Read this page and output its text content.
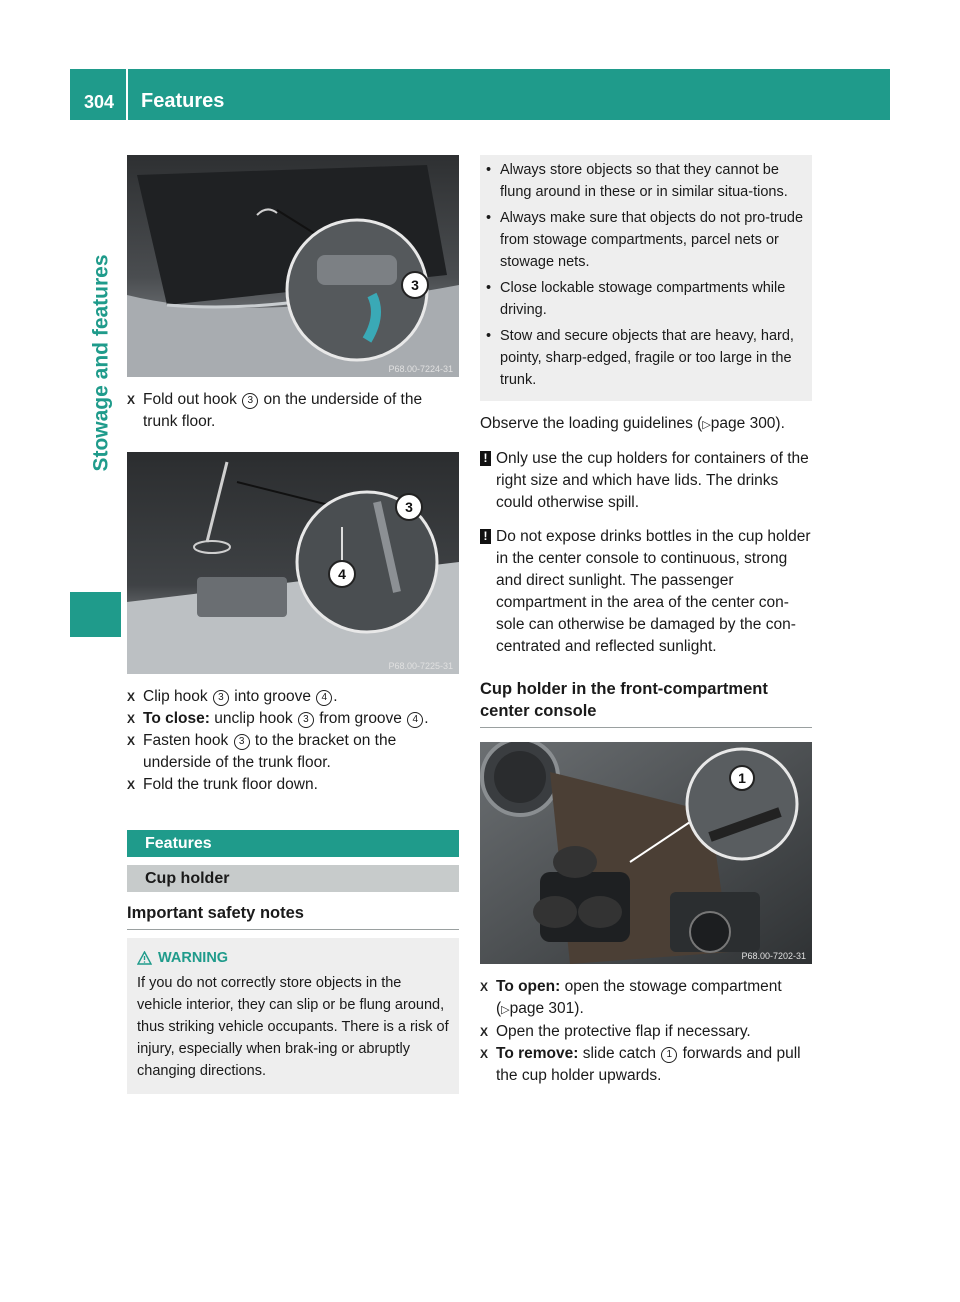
304 Features
Stowage and features	3
P68.00-7224-31
X Fold out hook 3 on the underside of the trunk floor.
3
4
P68.00-7225-31
X Clip hook 3 into groove 4 .
X To close: unclip hook 3 from groove 4 .
X Fasten hook 3 to the bracket on the underside of the trunk floor.
X Fold the trunk floor down.
Features
Cup holder
Important safety notes
WARNING

If you do not correctly store objects in the vehicle interior, they can slip or be flung around, thus striking vehicle occupants. There is a risk of injury, especially when brak-ing or abruptly changing directions.

• Always store objects so that they cannot be flung around in these or in similar situa-tions.
• Always make sure that objects do not pro-trude from stowage compartments, parcel nets or stowage nets.
• Close lockable stowage compartments while driving.
• Stow and secure objects that are heavy, hard, pointy, sharp-edged, fragile or too large in the trunk.

Observe the loading guidelines (▷page 300).

! Only use the cup holders for containers of the right size and which have lids. The drinks could otherwise spill.
! Do not expose drinks bottles in the cup holder in the center console to continuous, strong and direct sunlight. The passenger compartment in the area of the center con-sole can otherwise be damaged by the con-centrated and reflected sunlight.
Cup holder in the front-compartment center console
1
P68.00-7202-31
X To open: open the stowage compartment
(▷page 301).
X Open the protective flap if necessary.
X To remove: slide catch 1 forwards and pull the cup holder upwards.
